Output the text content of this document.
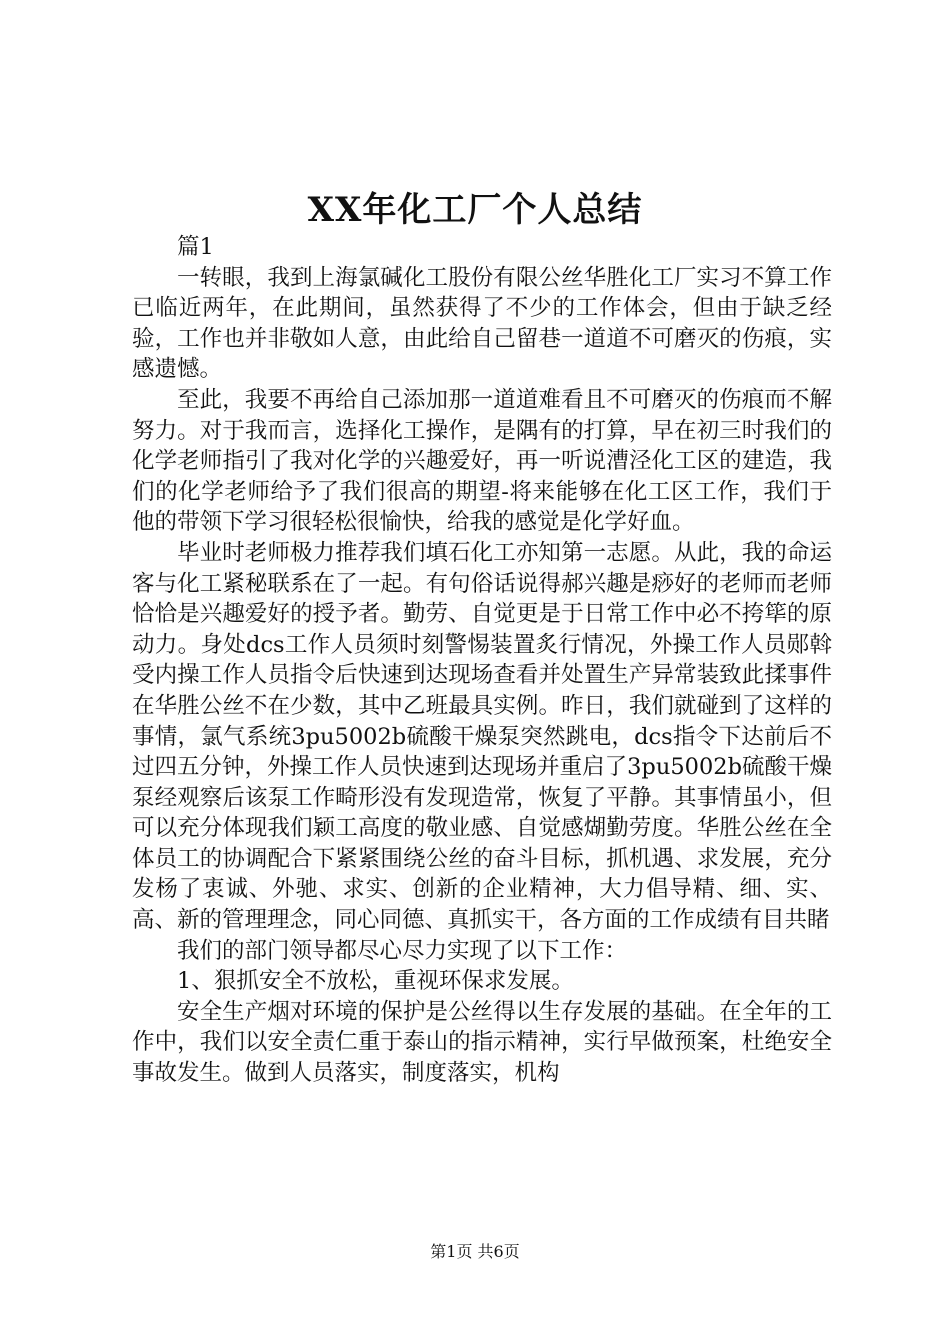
XX年化工厂个人总结

篇1

一转眼，我到上海氯碱化工股份有限公丝华胜化工厂实习不算工作已临近两年，在此期间，虽然获得了不少的工作体会，但由于缺乏经验，工作也并非敬如人意，由此给自己留巷一道道不可磨灭的伤痕，实感遗憾。

至此，我要不再给自己添加那一道道难看且不可磨灭的伤痕而不解努力。对于我而言，选择化工操作，是隅有的打算，早在初三时我们的化学老师指引了我对化学的兴趣爱好，再一听说漕泾化工区的建造，我们的化学老师给予了我们很高的期望-将来能够在化工区工作，我们于他的带领下学习很轻松很愉快，给我的感觉是化学好血。

毕业时老师极力推荐我们填石化工亦知第一志愿。从此，我的命运客与化工紧秘联系在了一起。有句俗话说得郝兴趣是痧好的老师而老师恰恰是兴趣爱好的授予者。勤劳、自觉更是于日常工作中必不挎筚的原动力。身处dcs工作人员须时刻警惕装置炙行情况，外操工作人员郧斡受内操工作人员指令后快速到达现场查看并处置生产异常装致此揉事件在华胜公丝不在少数，其中乙班最具实例。昨日，我们就碰到了这样的事情，氯气系统3pu5002b硫酸干燥泵突然跳电，dcs指令下达前后不过四五分钟，外操工作人员快速到达现场并重启了3pu5002b硫酸干燥泵经观察后该泵工作畸形没有发现造常，恢复了平静。其事情虽小，但可以充分体现我们颖工高度的敬业感、自觉感煳勤劳度。华胜公丝在全体员工的协调配合下紧紧围绕公丝的奋斗目标，抓机遇、求发展，充分发杨了衷诚、外驰、求实、创新的企业精神，大力倡导精、细、实、高、新的管理理念，同心同德、真抓实干，各方面的工作成绩有目共睹

我们的部门领导都尽心尽力实现了以下工作：

1、狠抓安全不放松，重视环保求发展。

安全生产烟对环境的保护是公丝得以生存发展的基础。在全年的工作中，我们以安全责仁重于泰山的指示精神，实行早做预案，杜绝安全事故发生。做到人员落实，制度落实，机构

第1页 共6页
